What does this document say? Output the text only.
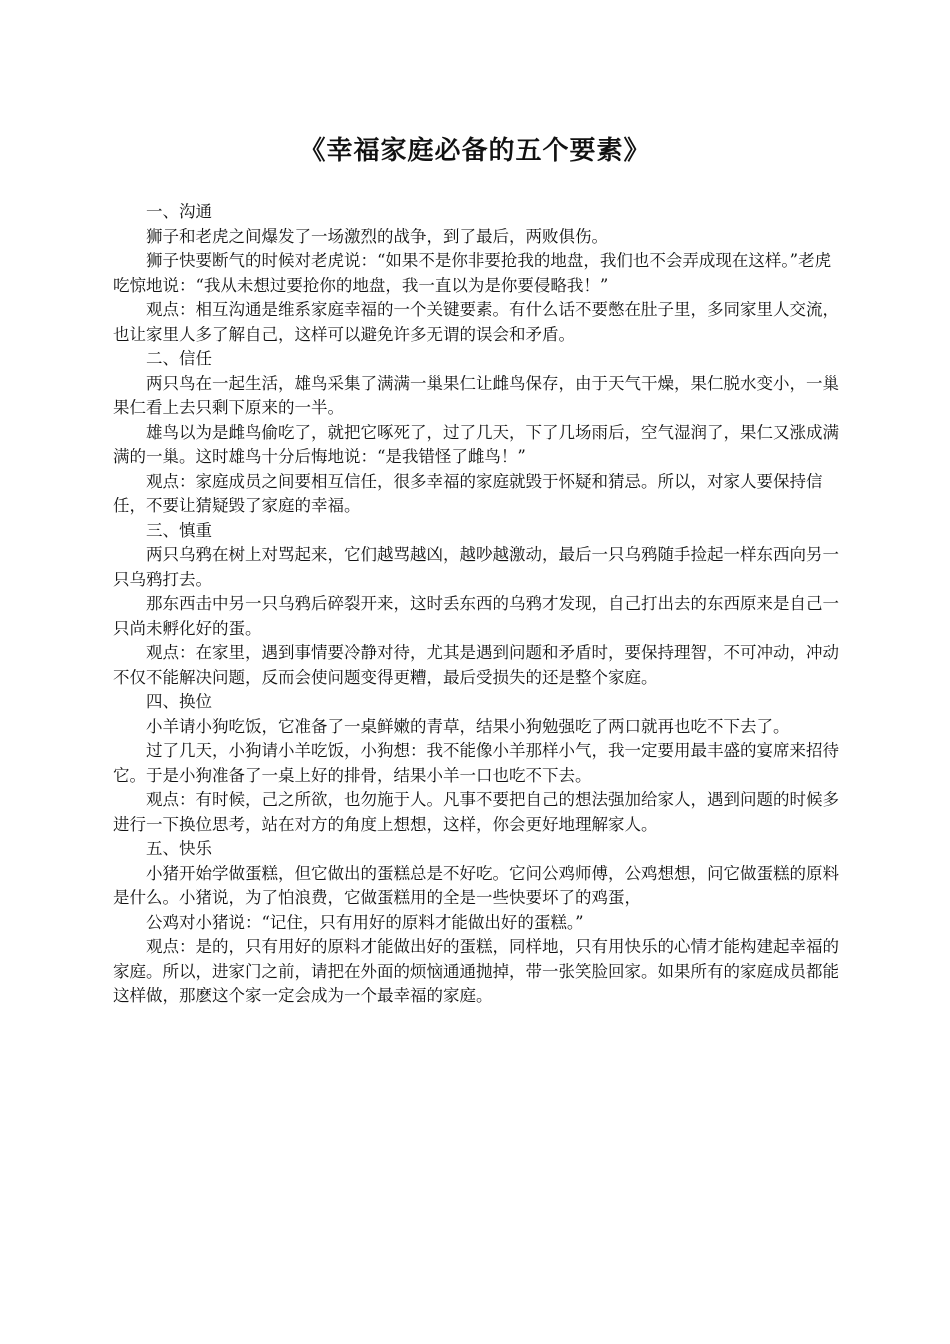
《幸福家庭必备的五个要素》

一、沟通

狮子和老虎之间爆发了一场激烈的战争，到了最后，两败俱伤。

狮子快要断气的时候对老虎说：“如果不是你非要抢我的地盘，我们也不会弄成现在这样。”老虎吃惊地说：“我从未想过要抢你的地盘，我一直以为是你要侵略我！”

观点：相互沟通是维系家庭幸福的一个关键要素。有什么话不要憋在肚子里，多同家里人交流，也让家里人多了解自己，这样可以避免许多无谓的误会和矛盾。

二、信任

两只鸟在一起生活，雄鸟采集了满满一巢果仁让雌鸟保存，由于天气干燥，果仁脱水变小，一巢果仁看上去只剩下原来的一半。

雄鸟以为是雌鸟偷吃了，就把它啄死了，过了几天，下了几场雨后，空气湿润了，果仁又涨成满满的一巢。这时雄鸟十分后悔地说：“是我错怪了雌鸟！”

观点：家庭成员之间要相互信任，很多幸福的家庭就毁于怀疑和猜忌。所以，对家人要保持信任，不要让猜疑毁了家庭的幸福。

三、慎重

两只乌鸦在树上对骂起来，它们越骂越凶，越吵越激动，最后一只乌鸦随手捡起一样东西向另一只乌鸦打去。

那东西击中另一只乌鸦后碎裂开来，这时丢东西的乌鸦才发现，自己打出去的东西原来是自己一只尚未孵化好的蛋。

观点：在家里，遇到事情要冷静对待，尤其是遇到问题和矛盾时，要保持理智，不可冲动，冲动不仅不能解决问题，反而会使问题变得更糟，最后受损失的还是整个家庭。

四、换位

小羊请小狗吃饭，它准备了一桌鲜嫩的青草，结果小狗勉强吃了两口就再也吃不下去了。

过了几天，小狗请小羊吃饭，小狗想：我不能像小羊那样小气，我一定要用最丰盛的宴席来招待它。于是小狗准备了一桌上好的排骨，结果小羊一口也吃不下去。

观点：有时候，己之所欲，也勿施于人。凡事不要把自己的想法强加给家人，遇到问题的时候多进行一下换位思考，站在对方的角度上想想，这样，你会更好地理解家人。

五、快乐

小猪开始学做蛋糕，但它做出的蛋糕总是不好吃。它问公鸡师傅，公鸡想想，问它做蛋糕的原料是什么。小猪说，为了怕浪费，它做蛋糕用的全是一些快要坏了的鸡蛋，

公鸡对小猪说：“记住，只有用好的原料才能做出好的蛋糕。”

观点：是的，只有用好的原料才能做出好的蛋糕，同样地，只有用快乐的心情才能构建起幸福的家庭。所以，进家门之前，请把在外面的烦恼通通抛掉，带一张笑脸回家。如果所有的家庭成员都能这样做，那麽这个家一定会成为一个最幸福的家庭。
